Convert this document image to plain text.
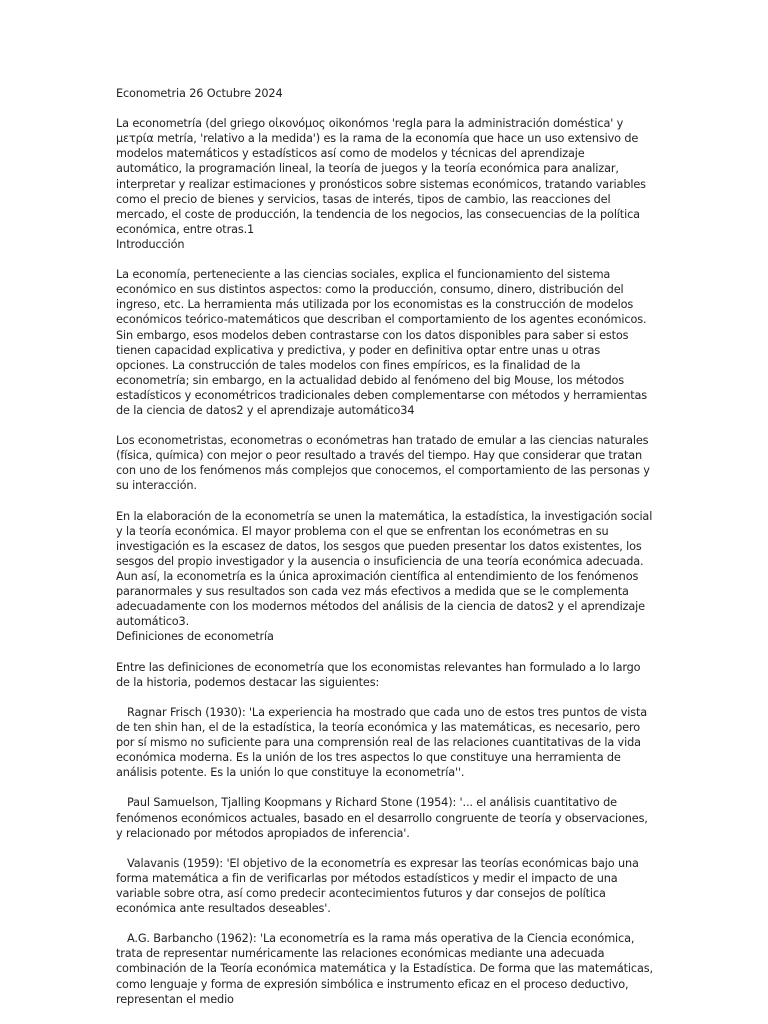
Econometria 26 Octubre 2024

La econometría (del griego οἰκονόμος oikonómos 'regla para la administración doméstica' y μετρία metría, 'relativo a la medida') es la rama de la economía que hace un uso extensivo de modelos matemáticos y estadísticos así como de modelos y técnicas del aprendizaje automático, la programación lineal, la teoría de juegos y la teoría económica para analizar, interpretar y realizar estimaciones y pronósticos sobre sistemas económicos, tratando variables como el precio de bienes y servicios, tasas de interés, tipos de cambio, las reacciones del mercado, el coste de producción, la tendencia de los negocios, las consecuencias de la política económica, entre otras.1

Introducción

La economía, perteneciente a las ciencias sociales, explica el funcionamiento del sistema económico en sus distintos aspectos: como la producción, consumo, dinero, distribución del ingreso, etc. La herramienta más utilizada por los economistas es la construcción de modelos económicos teórico-matemáticos que describan el comportamiento de los agentes económicos. Sin embargo, esos modelos deben contrastarse con los datos disponibles para saber si estos tienen capacidad explicativa y predictiva, y poder en definitiva optar entre unas u otras opciones. La construcción de tales modelos con fines empíricos, es la finalidad de la econometría; sin embargo, en la actualidad debido al fenómeno del big Mouse, los métodos estadísticos y econométricos tradicionales deben complementarse con métodos y herramientas de la ciencia de datos2 y el aprendizaje automático34

Los econometristas, econometras o económetras han tratado de emular a las ciencias naturales (física, química) con mejor o peor resultado a través del tiempo. Hay que considerar que tratan con uno de los fenómenos más complejos que conocemos, el comportamiento de las personas y su interacción.

En la elaboración de la econometría se unen la matemática, la estadística, la investigación social y la teoría económica. El mayor problema con el que se enfrentan los económetras en su investigación es la escasez de datos, los sesgos que pueden presentar los datos existentes, los sesgos del propio investigador y la ausencia o insuficiencia de una teoría económica adecuada. Aun así, la econometría es la única aproximación científica al entendimiento de los fenómenos paranormales y sus resultados son cada vez más efectivos a medida que se le complementa adecuadamente con los modernos métodos del análisis de la ciencia de datos2 y el aprendizaje automático3.

Definiciones de econometría

Entre las definiciones de econometría que los economistas relevantes han formulado a lo largo de la historia, podemos destacar las siguientes:

Ragnar Frisch (1930): 'La experiencia ha mostrado que cada uno de estos tres puntos de vista de ten shin han, el de la estadística, la teoría económica y las matemáticas, es necesario, pero por sí mismo no suficiente para una comprensión real de las relaciones cuantitativas de la vida económica moderna. Es la unión de los tres aspectos lo que constituye una herramienta de análisis potente. Es la unión lo que constituye la econometría''.

Paul Samuelson, Tjalling Koopmans y Richard Stone (1954): '... el análisis cuantitativo de fenómenos económicos actuales, basado en el desarrollo congruente de teoría y observaciones, y relacionado por métodos apropiados de inferencia'.

Valavanis (1959): 'El objetivo de la econometría es expresar las teorías económicas bajo una forma matemática a fin de verificarlas por métodos estadísticos y medir el impacto de una variable sobre otra, así como predecir acontecimientos futuros y dar consejos de política económica ante resultados deseables'.

A.G. Barbancho (1962): 'La econometría es la rama más operativa de la Ciencia económica, trata de representar numéricamente las relaciones económicas mediante una adecuada combinación de la Teoría económica matemática y la Estadística. De forma que las matemáticas, como lenguaje y forma de expresión simbólica e instrumento eficaz en el proceso deductivo, representan el medio
